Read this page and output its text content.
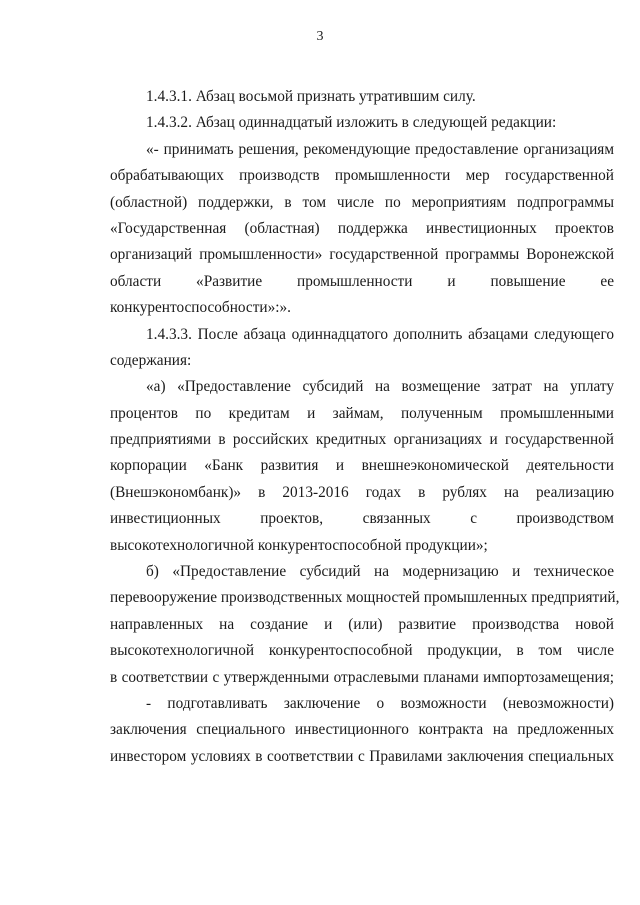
3
1.4.3.1. Абзац восьмой признать утратившим силу.
1.4.3.2. Абзац одиннадцатый изложить в следующей редакции:
«- принимать решения, рекомендующие предоставление организациям
обрабатывающих производств промышленности мер государственной
(областной) поддержки, в том числе по мероприятиям подпрограммы
«Государственная (областная) поддержка инвестиционных проектов
организаций промышленности» государственной программы Воронежской
области «Развитие промышленности и повышение ее
конкурентоспособности»:».
1.4.3.3. После абзаца одиннадцатого дополнить абзацами следующего
содержания:
«а) «Предоставление субсидий на возмещение затрат на уплату
процентов по кредитам и займам, полученным промышленными
предприятиями в российских кредитных организациях и государственной
корпорации «Банк развития и внешнеэкономической деятельности
(Внешэкономбанк)» в 2013-2016 годах в рублях на реализацию
инвестиционных проектов, связанных с производством
высокотехнологичной конкурентоспособной продукции»;
б) «Предоставление субсидий на модернизацию и техническое
перевооружение производственных мощностей промышленных предприятий,
направленных на создание и (или) развитие производства новой
высокотехнологичной конкурентоспособной продукции, в том числе
в соответствии с утвержденными отраслевыми планами импортозамещения;
- подготавливать заключение о возможности (невозможности)
заключения специального инвестиционного контракта на предложенных
инвестором условиях в соответствии с Правилами заключения специальных
